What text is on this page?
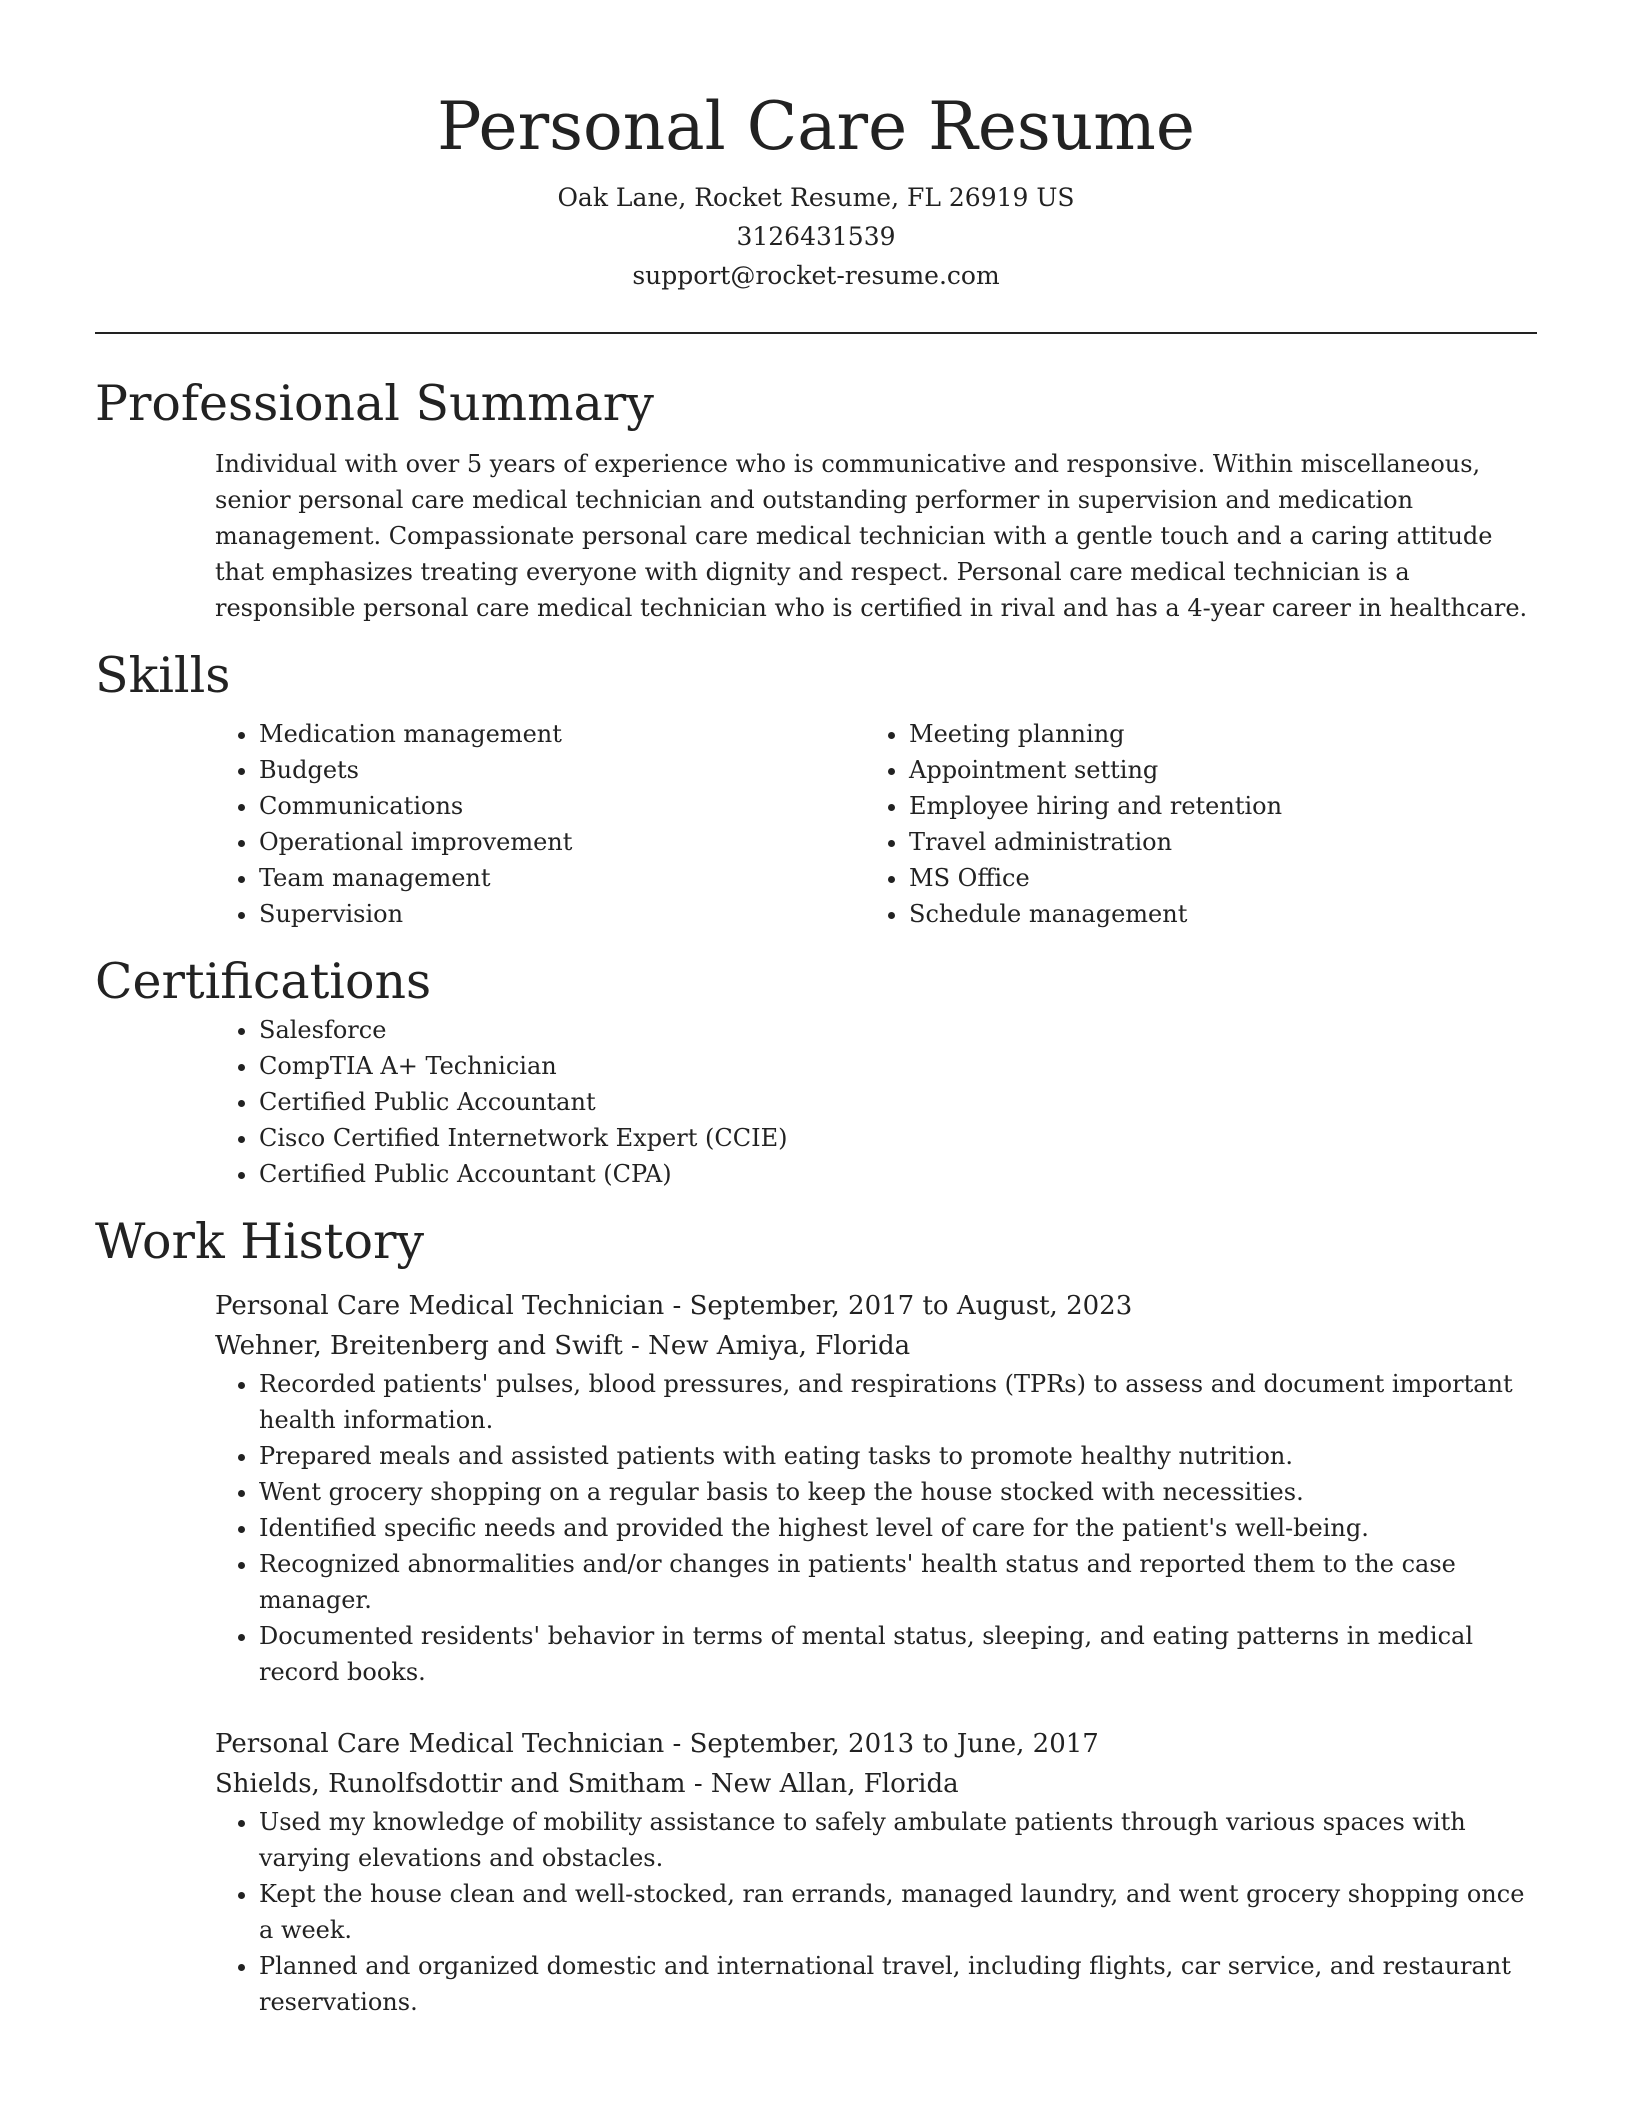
Personal Care Resume
Oak Lane, Rocket Resume, FL 26919 US
3126431539
support@rocket-resume.com
Professional Summary
Individual with over 5 years of experience who is communicative and responsive. Within miscellaneous, senior personal care medical technician and outstanding performer in supervision and medication management. Compassionate personal care medical technician with a gentle touch and a caring attitude that emphasizes treating everyone with dignity and respect. Personal care medical technician is a responsible personal care medical technician who is certified in rival and has a 4-year career in healthcare.
Skills
• Medication management
• Budgets
• Communications
• Operational improvement
• Team management
• Supervision
• Meeting planning
• Appointment setting
• Employee hiring and retention
• Travel administration
• MS Office
• Schedule management
Certifications
• Salesforce
• CompTIA A+ Technician
• Certified Public Accountant
• Cisco Certified Internetwork Expert (CCIE)
• Certified Public Accountant (CPA)
Work History
Personal Care Medical Technician - September, 2017 to August, 2023
Wehner, Breitenberg and Swift - New Amiya, Florida
• Recorded patients' pulses, blood pressures, and respirations (TPRs) to assess and document important health information.
• Prepared meals and assisted patients with eating tasks to promote healthy nutrition.
• Went grocery shopping on a regular basis to keep the house stocked with necessities.
• Identified specific needs and provided the highest level of care for the patient's well-being.
• Recognized abnormalities and/or changes in patients' health status and reported them to the case manager.
• Documented residents' behavior in terms of mental status, sleeping, and eating patterns in medical record books.
Personal Care Medical Technician - September, 2013 to June, 2017
Shields, Runolfsdottir and Smitham - New Allan, Florida
• Used my knowledge of mobility assistance to safely ambulate patients through various spaces with varying elevations and obstacles.
• Kept the house clean and well-stocked, ran errands, managed laundry, and went grocery shopping once a week.
• Planned and organized domestic and international travel, including flights, car service, and restaurant reservations.
